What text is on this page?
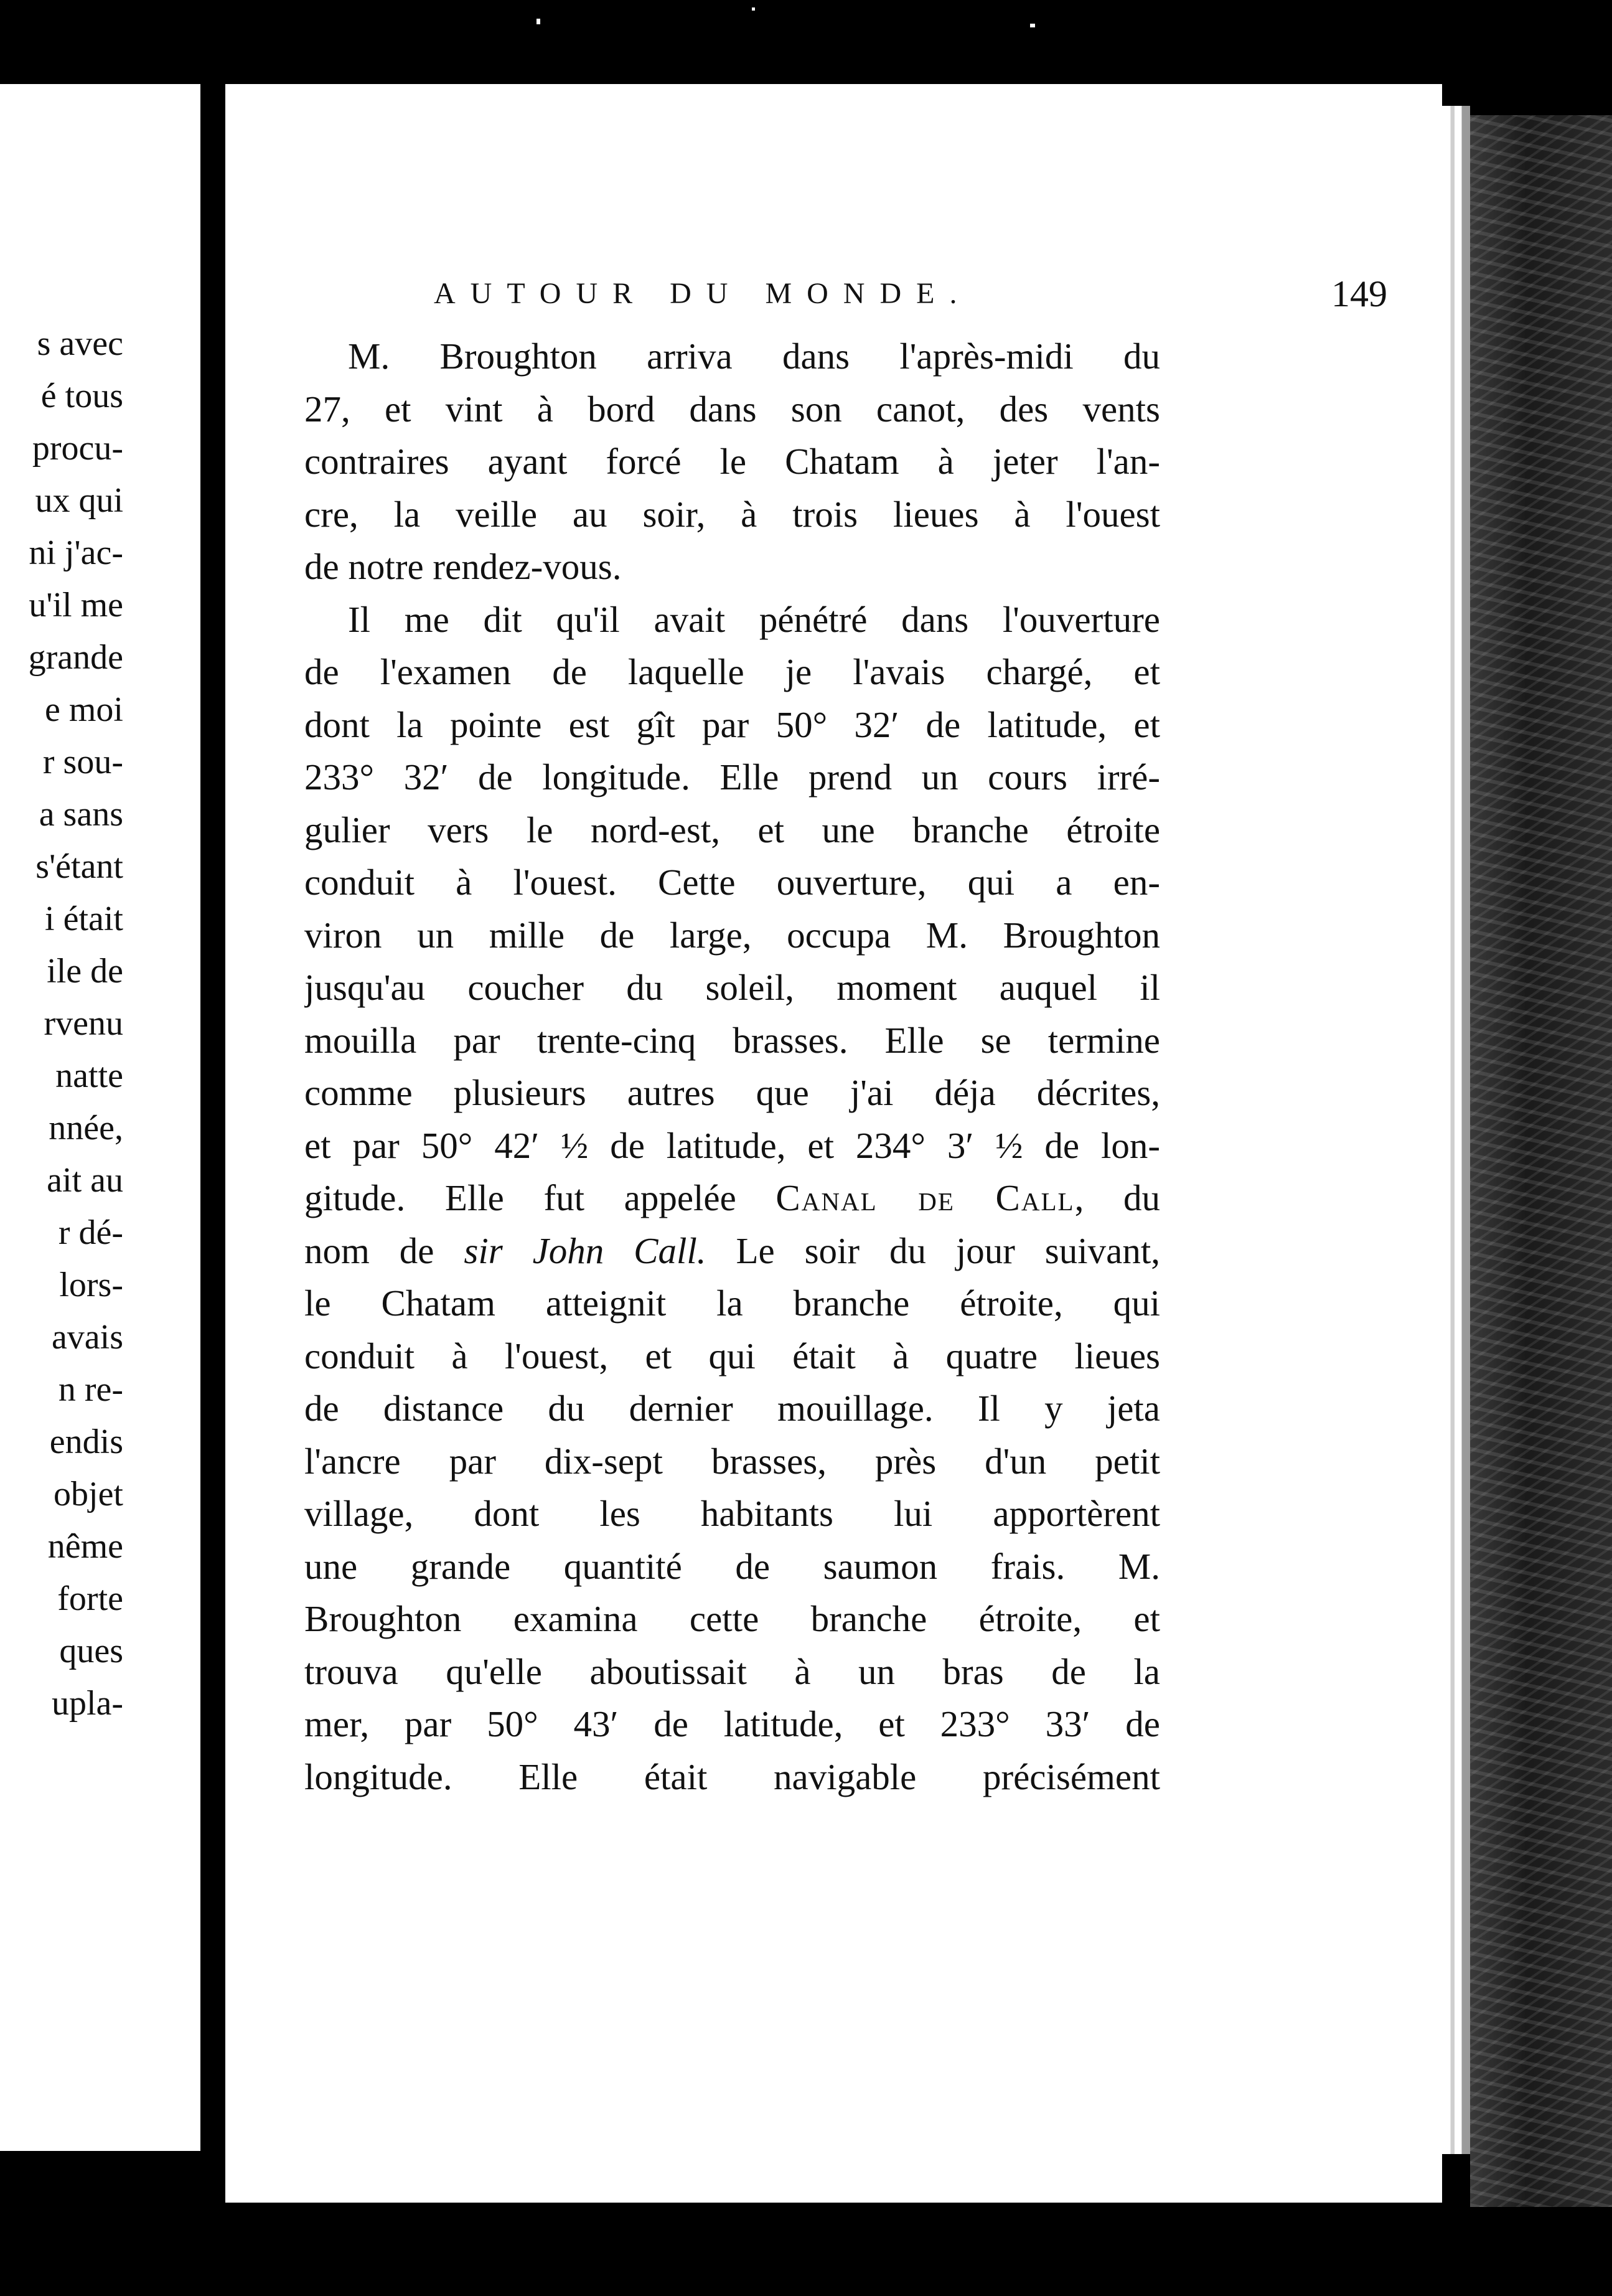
s avec

é tous

procu-

ux qui

ni j'ac-

u'il me

grande

e moi

r sou-

a sans

s'étant

i était

ile de

rvenu

natte

nnée,

ait au

r dé-

lors-

avais

n re-

endis

objet

nême

forte

ques

upla-

AUTOUR DU MONDE.	149
M. Broughton arriva dans l'après-midi du
27, et vint à bord dans son canot, des vents
contraires ayant forcé le Chatam à jeter l'an-
cre, la veille au soir, à trois lieues à l'ouest
de notre rendez-vous.
Il me dit qu'il avait pénétré dans l'ouverture
de l'examen de laquelle je l'avais chargé, et
dont la pointe est gît par 50° 32′ de latitude, et
233° 32′ de longitude. Elle prend un cours irré-
gulier vers le nord-est, et une branche étroite
conduit à l'ouest. Cette ouverture, qui a en-
viron un mille de large, occupa M. Broughton
jusqu'au coucher du soleil, moment auquel il
mouilla par trente-cinq brasses. Elle se termine
comme plusieurs autres que j'ai déja décrites,
et par 50° 42′ ½ de latitude, et 234° 3′ ½ de lon-
gitude. Elle fut appelée Canal de Call, du
nom de sir John Call. Le soir du jour suivant,
le Chatam atteignit la branche étroite, qui
conduit à l'ouest, et qui était à quatre lieues
de distance du dernier mouillage. Il y jeta
l'ancre par dix-sept brasses, près d'un petit
village, dont les habitants lui apportèrent
une grande quantité de saumon frais. M.
Broughton examina cette branche étroite, et
trouva qu'elle aboutissait à un bras de la
mer, par 50° 43′ de latitude, et 233° 33′ de
longitude. Elle était navigable précisément
